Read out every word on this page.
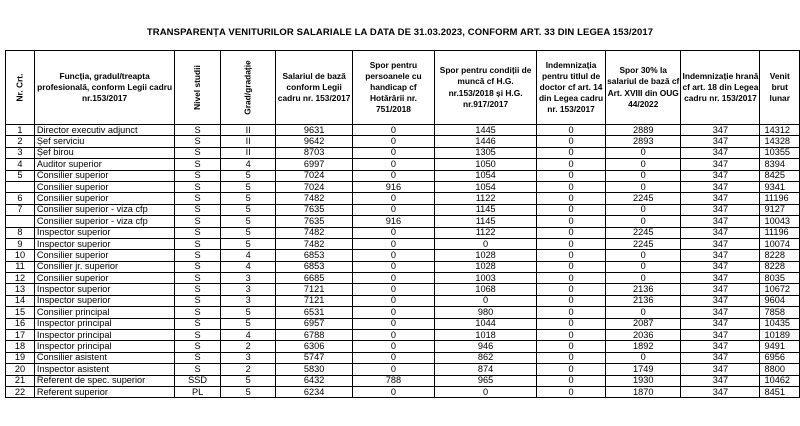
TRANSPARENȚA VENITURILOR SALARIALE LA DATA DE 31.03.2023, CONFORM ART. 33 DIN LEGEA 153/2017
Nr. Crt.	Funcția, gradul/treapta profesională, conform Legii cadru nr.153/2017	Nivel studii	Grad/gradație	Salariul de bază conform Legii cadru nr. 153/2017	Spor pentru persoanele cu handicap cf Hotărârii nr. 751/2018	Spor pentru condiții de muncă cf H.G. nr.153/2018 și H.G. nr.917/2017	Indemnizația pentru titlul de doctor cf art. 14 din Legea cadru nr. 153/2017	Spor 30% la salariul de bază cf Art. XVIII din OUG 44/2022	Indemnizație hrană cf art. 18 din Legea cadru nr. 153/2017	Venit brut lunar
1	Director executiv adjunct	S	II	9631	0	1445	0	2889	347	14312
2	Șef serviciu	S	II	9642	0	1446	0	2893	347	14328
3	Șef birou	S	II	8703	0	1305	0	0	347	10355
4	Auditor superior	S	4	6997	0	1050	0	0	347	8394
5	Consilier superior	S	5	7024	0	1054	0	0	347	8425
	Consilier superior	S	5	7024	916	1054	0	0	347	9341
6	Consilier superior	S	5	7482	0	1122	0	2245	347	11196
7	Consilier superior - viza cfp	S	5	7635	0	1145	0	0	347	9127
	Consilier superior - viza cfp	S	5	7635	916	1145	0	0	347	10043
8	Inspector superior	S	5	7482	0	1122	0	2245	347	11196
9	Inspector superior	S	5	7482	0	0	0	2245	347	10074
10	Consilier superior	S	4	6853	0	1028	0	0	347	8228
11	Consilier jr. superior	S	4	6853	0	1028	0	0	347	8228
12	Consilier superior	S	3	6685	0	1003	0	0	347	8035
13	Inspector superior	S	3	7121	0	1068	0	2136	347	10672
14	Inspector superior	S	3	7121	0	0	0	2136	347	9604
15	Consilier principal	S	5	6531	0	980	0	0	347	7858
16	Inspector principal	S	5	6957	0	1044	0	2087	347	10435
17	Inspector principal	S	4	6788	0	1018	0	2036	347	10189
18	Inspector principal	S	2	6306	0	946	0	1892	347	9491
19	Consilier asistent	S	3	5747	0	862	0	0	347	6956
20	Inspector asistent	S	2	5830	0	874	0	1749	347	8800
21	Referent de spec. superior	SSD	5	6432	788	965	0	1930	347	10462
22	Referent superior	PL	5	6234	0	0	0	1870	347	8451
